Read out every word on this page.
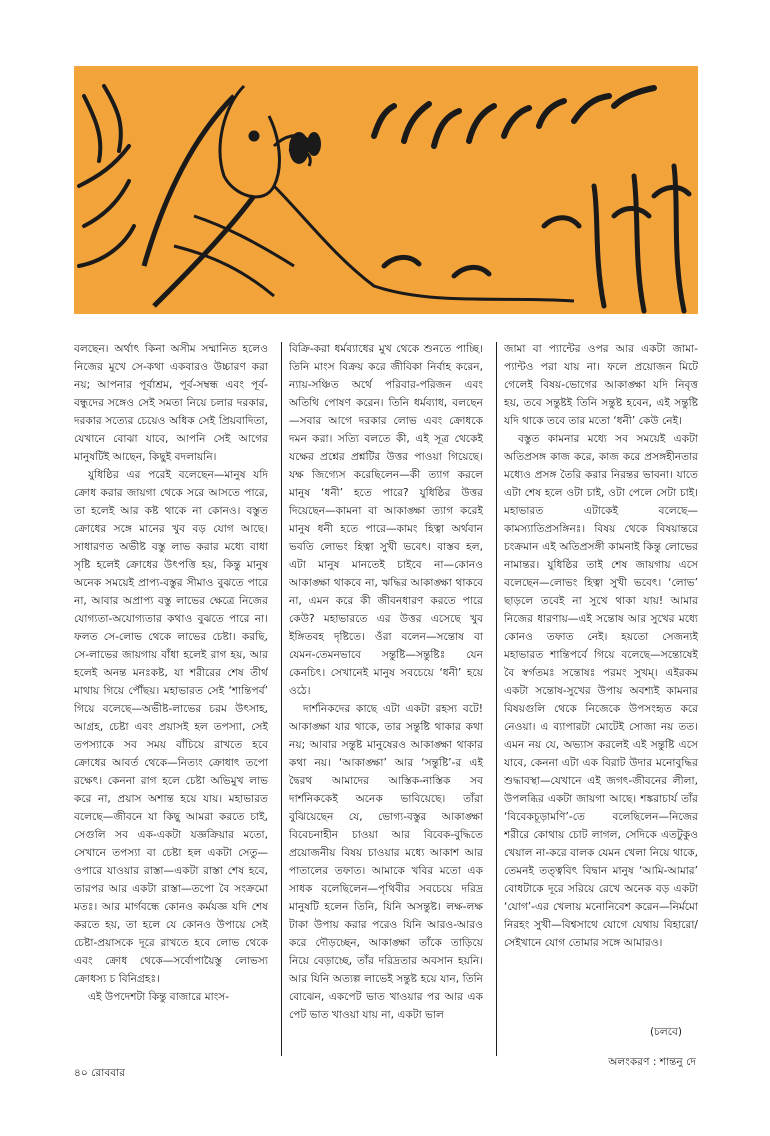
বলছেন। অর্থাৎ কিনা অসীম সম্মানিত হলেও নিজের মুখে সে-কথা একবারও উচ্চারণ করা নয়; আপনার পূর্বাশ্রম, পূর্ব-সম্বন্ধ এবং পূর্ব-বন্ধুদের সঙ্গেও সেই সমতা নিয়ে চলার দরকার, দরকার সত্যের চেয়েও অধিক সেই প্রিয়বাদিতা, যেখানে বোঝা যাবে, আপনি সেই আগের মানুষটিই আছেন, কিছুই বদলায়নি।

যুধিষ্ঠির এর পরেই বলেছেন—মানুষ যদি ক্রোধ করার জায়গা থেকে সরে আসতে পারে, তা হলেই আর কষ্ট থাকে না কোনও। বস্তুত ক্রোধের সঙ্গে মানের খুব বড় যোগ আছে। সাধারণত অভীষ্ট বস্তু লাভ করার মধ্যে বাধা সৃষ্টি হলেই ক্রোধের উৎপত্তি হয়, কিন্তু মানুষ অনেক সময়েই প্রাপ্য-বস্তুর সীমাও বুঝতে পারে না, আবার অপ্রাপ্য বস্তু লাভের ক্ষেত্রে নিজের যোগ্যতা-অযোগ্যতার কথাও বুঝতে পারে না। ফলত সে-লোভ থেকে লাভের চেষ্টা। করছি, সে-লাভের জায়গায় বাঁধা হলেই রাগ হয়, আর হলেই অনন্ত মনঃকষ্ট, যা শরীরের শেষ তীর্থ মাথায় গিয়ে পৌঁছয়। মহাভারত সেই ‘শান্তিপর্ব’ গিয়ে বলেছে—অভীষ্ট-লাভের চরম উৎসাহ, আগ্রহ, চেষ্টা এবং প্রয়াসই হল তপস্যা, সেই তপস্যাকে সব সময় বাঁচিয়ে রাখতে হবে ক্রোধের আবর্ত থেকে—নিত্যং ক্রোধাৎ তপো রক্ষেৎ। কেননা রাগ হলে চেষ্টা অভিমুখ লাভ করে না, প্রয়াস অশান্ত হয়ে যায়। মহাভারত বলেছে—জীবনে যা কিছু আমরা করতে চাই, সেগুলি সব এক-একটা যজ্ঞক্রিয়ার মতো, সেখানে তপস্যা বা চেষ্টা হল একটা সেতু—ওপারে যাওয়ার রাস্তা—একটা রাস্তা শেষ হবে, তারপর আর একটা রাস্তা—তপো বৈ সংক্রমো মতঃ। আর মার্গবন্ধে কোনও কর্মযজ্ঞ যদি শেষ করতে হয়, তা হলে যে কোনও উপায়ে সেই চেষ্টা-প্রয়াসকে দূরে রাখতে হবে লোভ থেকে এবং ক্রোধ থেকে—সর্বোপায়ৈস্তু লোভস্য ক্রোধস্য চ বিনিগ্রহঃ।

এই উপদেশটা কিন্তু বাজারে মাংস-

বিক্রি-করা ধর্মব্যাধের মুখ থেকে শুনতে পাচ্ছি। তিনি মাংস বিক্রয় করে জীবিকা নির্বাহ করেন, ন্যায়-সঞ্চিত অর্থে পরিবার-পরিজন এবং অতিথি পোষণ করেন। তিনি ধর্মব্যাধ, বলছেন—সবার আগে দরকার লোভ এবং ক্রোধকে দমন করা। সত্যি বলতে কী, এই সূত্র থেকেই যক্ষের প্রশ্নের প্রশ্নটির উত্তর পাওয়া গিয়েছে। যক্ষ জিগ্যেস করেছিলেন—কী ত্যাগ করলে মানুষ ‘ধনী’ হতে পারে? যুধিষ্ঠির উত্তর দিয়েছেন—কামনা বা আকাঙ্ক্ষা ত্যাগ করেই মানুষ ধনী হতে পারে—কামং হিত্বা অর্থবান ভবতি লোভং হিত্বা সুখী ভবেৎ। বাস্তব হল, এটা মানুষ মানতেই চাইবে না—কোনও আকাঙ্ক্ষা থাকবে না, ঋদ্ধির আকাঙ্ক্ষা থাকবে না, এমন করে কী জীবনধারণ করতে পারে কেউ? মহাভারতে এর উত্তর এসেছে খুব ইঙ্গিতবহ দৃষ্টিতে। ওঁরা বলেন—সন্তোষ বা যেমন-তেমনভাবে সন্তুষ্টি—সন্তুষ্টিঃ যেন কেনচিৎ। সেখানেই মানুষ সবচেয়ে ‘ধনী’ হয়ে ওঠে।

দার্শনিকদের কাছে এটা একটা রহস্য বটে! আকাঙ্ক্ষা যার থাকে, তার সন্তুষ্টি থাকার কথা নয়; আবার সন্তুষ্ট মানুষেরও আকাঙ্ক্ষা থাকার কথা নয়। ‘আকাঙ্ক্ষা’ আর ‘সন্তুষ্টি’-র এই দ্বৈরথ আমাদের আস্তিক-নাস্তিক সব দার্শনিককেই অনেক ভাবিয়েছে। তাঁরা বুঝিয়েছেন যে, ভোগ্য-বস্তুর আকাঙ্ক্ষা বিবেচনাহীন চাওয়া আর বিবেক-বুদ্ধিতে প্রয়োজনীয় বিষয় চাওয়ার মধ্যে আকাশ আর পাতালের তফাত। আমাকে খবির মতো এক সাধক বলেছিলেন—পৃথিবীর সবচেয়ে দরিদ্র মানুষটি হলেন তিনি, যিনি অসন্তুষ্ট। লক্ষ-লক্ষ টাকা উপায় করার পরেও যিনি আরও-আরও করে দৌড়চ্ছেন, আকাঙ্ক্ষা তাঁকে তাড়িয়ে নিয়ে বেড়াচ্ছে, তাঁর দরিদ্রতার অবসান হয়নি। আর যিনি অত্যল্প লাভেই সন্তুষ্ট হয়ে যান, তিনি বোঝেন, একপেট ভাত খাওয়ার পর আর এক পেট ভাত খাওয়া যায় না, একটা ভাল

জামা বা প্যান্টের ওপর আর একটা জামা-প্যান্টও পরা যায় না। ফলে প্রয়োজন মিটে গেলেই বিষয়-ভোগের আকাঙ্ক্ষা যদি নিবৃত্ত হয়, তবে সন্তুষ্টই তিনি সন্তুষ্ট হবেন, এই সন্তুষ্টি যদি থাকে তবে তার মতো ‘ধনী’ কেউ নেই।

বস্তুত কামনার মধ্যে সব সময়েই একটা অতিপ্রসঙ্গ কাজ করে, কাজ করে প্রসঙ্গহীনতার মধ্যেও প্রসঙ্গ তৈরি করার নিরন্তর ভাবনা। যাতে এটা শেষ হলে ওটা চাই, ওটা পেলে সেটা চাই। মহাভারত এটাকেই বলেছে—কামস্যাতিপ্রসঙ্গিনঃ। বিষয় থেকে বিষয়ান্তরে চংক্রমান এই অতিপ্রসঙ্গী কামনাই কিন্তু লোভের নামান্তর। যুধিষ্ঠির তাই শেষ জায়গায় এসে বলেছেন—লোভং হিত্বা সুখী ভবেৎ। ‘লোভ’ ছাড়লে তবেই না সুখে থাকা যায়! আমার নিজের ধারণায়—এই সন্তোষ আর সুখের মধ্যে কোনও তফাত নেই। হয়তো সেজন্যই মহাভারত শান্তিপর্বে গিয়ে বলেছে—সন্তোষেই বৈ স্বর্গতমঃ সন্তোষঃ পরমং সুখম্। এইরকম একটা সন্তোষ-সুখের উপায় অবশ্যই কামনার বিষয়গুলি থেকে নিজেকে উপসংহৃত করে নেওয়া। এ ব্যাপারটা মোটেই সোজা নয় তত। এমন নয় যে, অভ্যাস করলেই এই সন্তুষ্টি এসে যাবে, কেননা এটা এক বিরাট উদার মনোবুদ্ধির শুদ্ধাবস্থা—যেখানে এই জগৎ-জীবনের লীলা, উপলব্ধির একটা জায়গা আছে। শঙ্করাচার্য তাঁর ‘বিবেকচূড়ামণি’-তে বলেছিলেন—নিজের শরীরে কোথায় চোট লাগল, সেদিকে এতটুকুও খেয়াল না-করে বালক যেমন খেলা নিয়ে থাকে, তেমনই তত্ত্ববিৎ বিদ্বান মানুষ ‘আমি-আমার’ বোধটাকে দূরে সরিয়ে রেখে অনেক বড় একটা ‘যোগ’-এর খেলায় মনোনিবেশ করেন—নির্মমো নিরহং সুখী—বিশ্বসাথে যোগে যেথায় বিহারো/সেইখানে যোগ তোমার সঙ্গে আমারও।

(চলবে)
অলংকরণ : শান্তনু দে
৪০ রোববার
